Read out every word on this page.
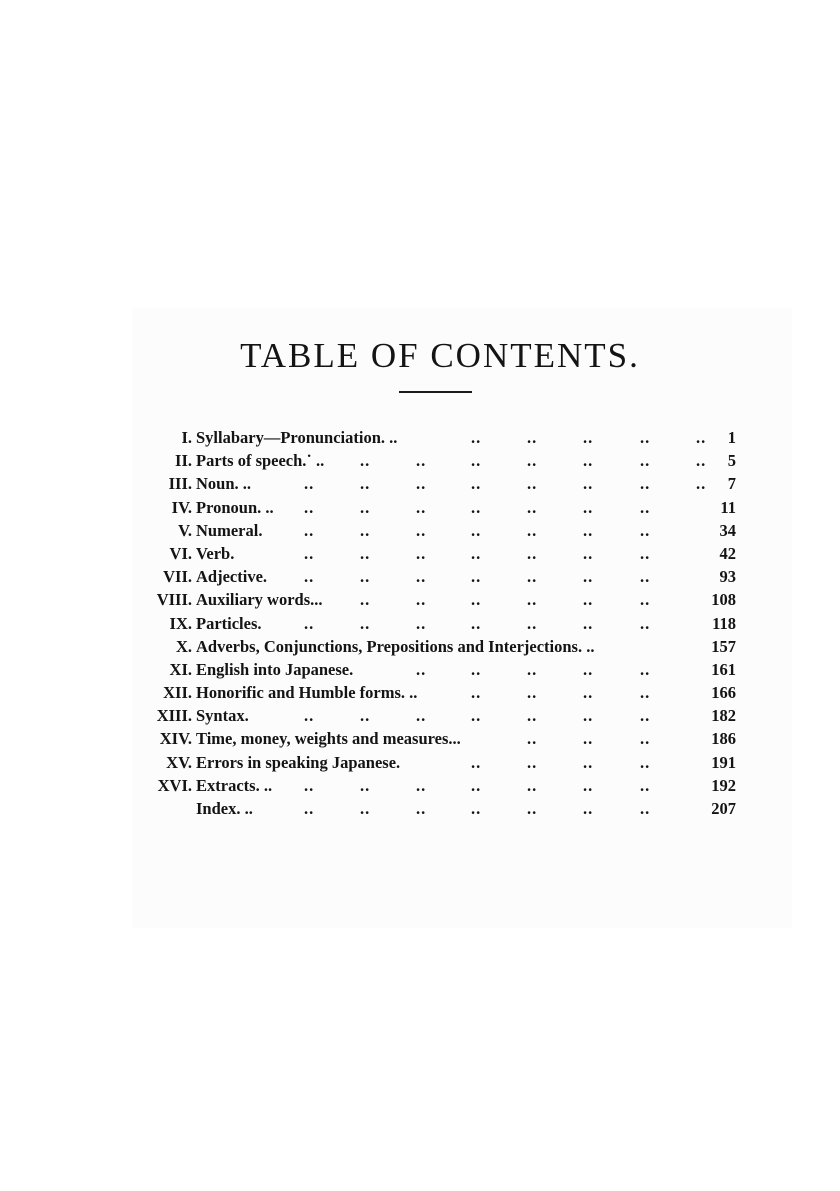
TABLE OF CONTENTS.
I. Syllabary—Pronunciation. ..	1
..	..	..	..	..
II. Parts of speech.˙ ..	5
..	..	..	..	..	..	..
III. Noun. ..	7
..	..	..	..	..	..	..	..
IV. Pronoun. ..	11
..	..	..	..	..	..	..
V. Numeral.	34
..	..	..	..	..	..	..
VI. Verb.	42
..	..	..	..	..	..	..
VII. Adjective.	93
..	..	..	..	..	..	..
VIII. Auxiliary words...	108
..	..	..	..	..	..
IX. Particles.	118
..	..	..	..	..	..	..
X. Adverbs, Conjunctions, Prepositions and Interjections. ..	157
XI. English into Japanese.	161
..	..	..	..	..
XII. Honorific and Humble forms. ..	166
..	..	..	..
XIII. Syntax.	182
..	..	..	..	..	..	..
XIV. Time, money, weights and measures...	186
..	..	..
XV. Errors in speaking Japanese.	191
..	..	..	..
XVI. Extracts. ..	192
..	..	..	..	..	..	..
Index. ..	207
..	..	..	..	..	..	..
